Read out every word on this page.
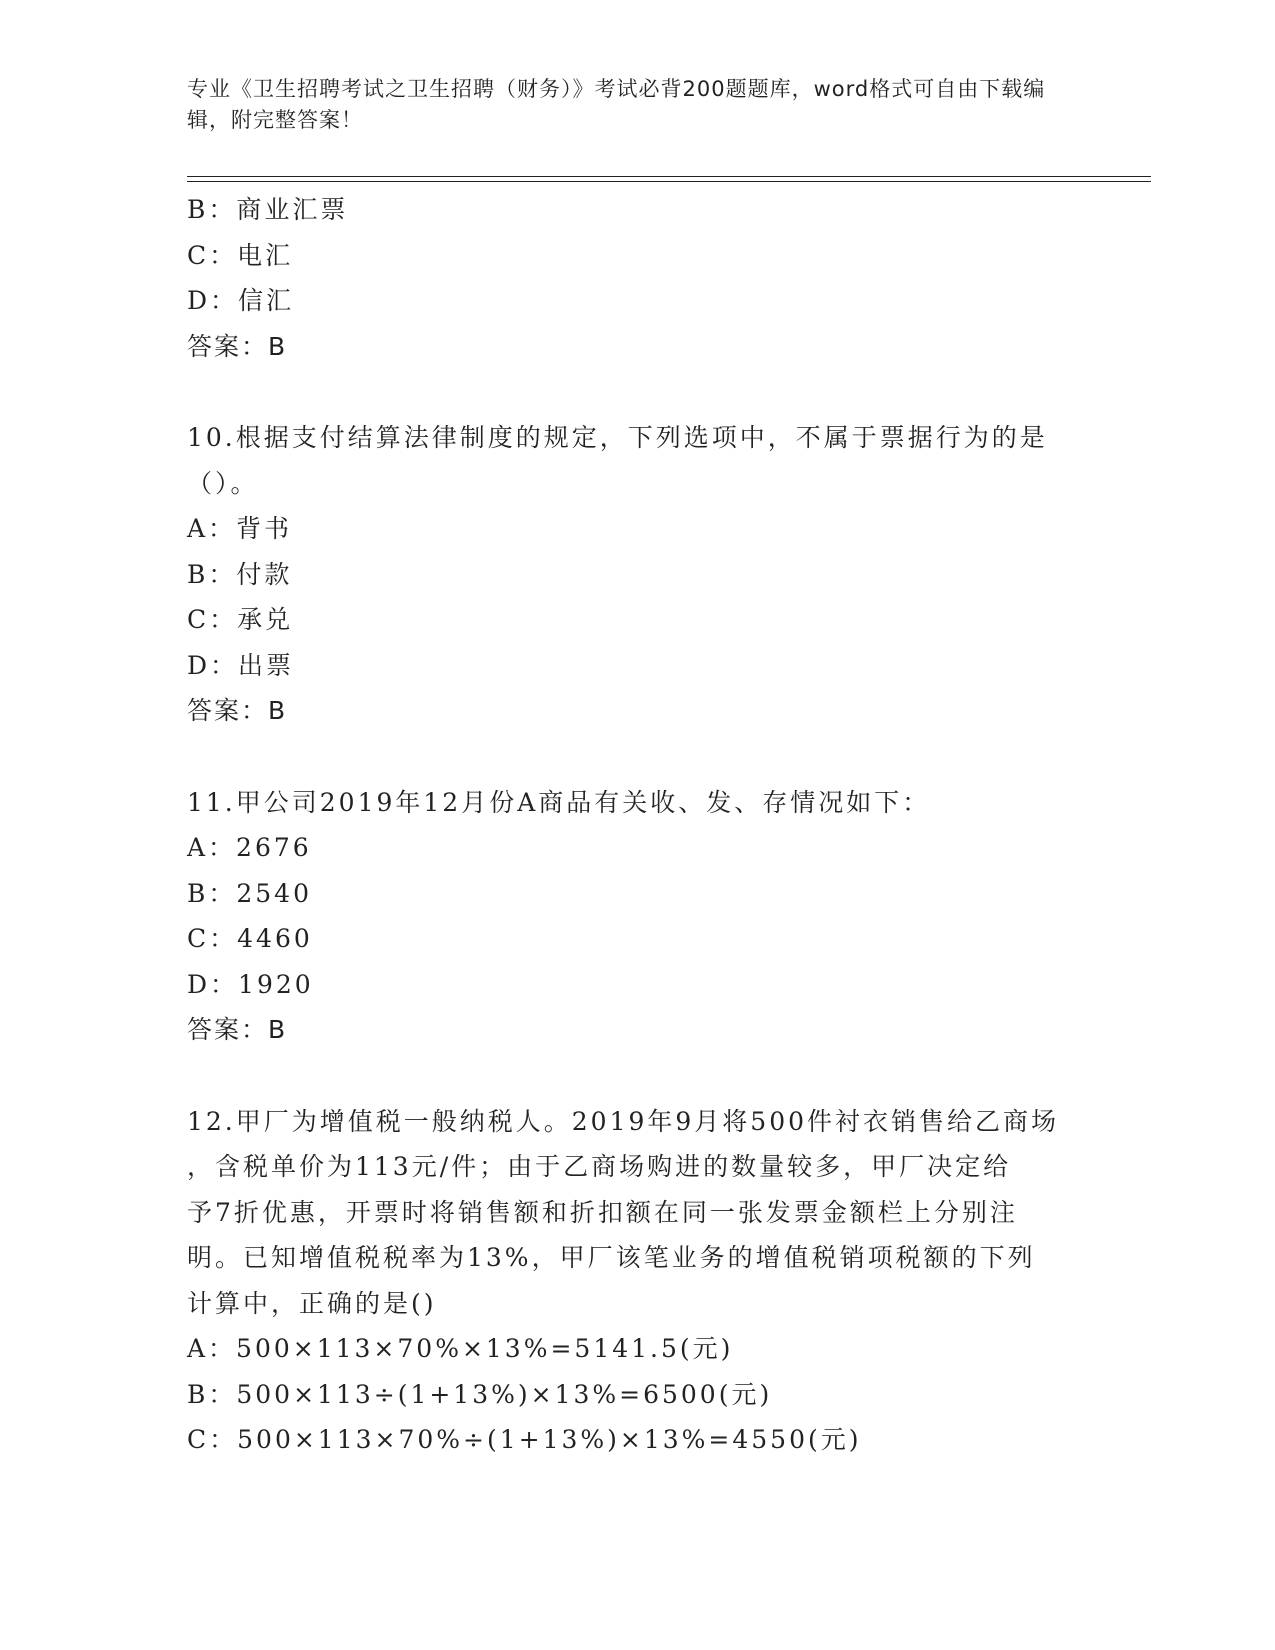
专业《卫生招聘考试之卫生招聘（财务）》考试必背200题题库，word格式可自由下载编辑，附完整答案！
B：商业汇票
C：电汇
D：信汇
答案：B
10.根据支付结算法律制度的规定，下列选项中，不属于票据行为的是
（）。
A：背书
B：付款
C：承兑
D：出票
答案：B
11.甲公司2019年12月份A商品有关收、发、存情况如下：
A：2676
B：2540
C：4460
D：1920
答案：B
12.甲厂为增值税一般纳税人。2019年9月将500件衬衣销售给乙商场
，含税单价为113元/件；由于乙商场购进的数量较多，甲厂决定给
予7折优惠，开票时将销售额和折扣额在同一张发票金额栏上分别注
明。已知增值税税率为13%，甲厂该笔业务的增值税销项税额的下列
计算中，正确的是()
A：500×113×70%×13%=5141.5(元)
B：500×113÷(1+13%)×13%=6500(元)
C：500×113×70%÷(1+13%)×13%=4550(元)
